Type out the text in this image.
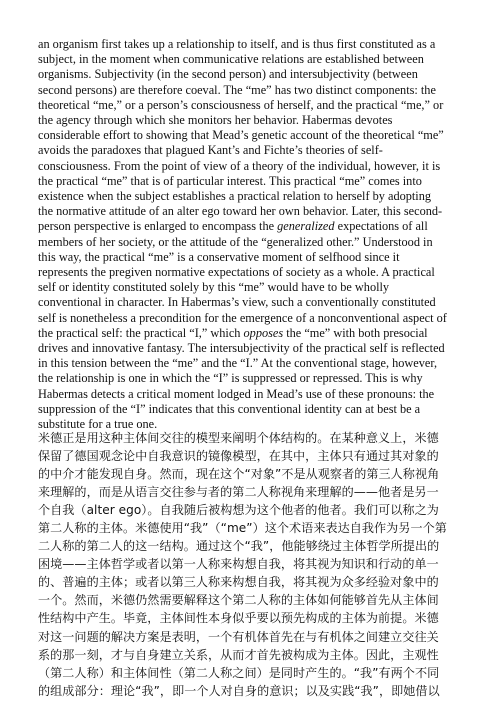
an organism first takes up a relationship to itself, and is thus first constituted as a
subject, in the moment when communicative relations are established between
organisms. Subjectivity (in the second person) and intersubjectivity (between
second persons) are therefore coeval. The “me” has two distinct components: the
theoretical “me,” or a person’s consciousness of herself, and the practical “me,” or
the agency through which she monitors her behavior. Habermas devotes
considerable effort to showing that Mead’s genetic account of the theoretical “me”
avoids the paradoxes that plagued Kant’s and Fichte’s theories of self-
consciousness. From the point of view of a theory of the individual, however, it is
the practical “me” that is of particular interest. This practical “me” comes into
existence when the subject establishes a practical relation to herself by adopting
the normative attitude of an alter ego toward her own behavior. Later, this second-
person perspective is enlarged to encompass the generalized expectations of all
members of her society, or the attitude of the “generalized other.” Understood in
this way, the practical “me” is a conservative moment of selfhood since it
represents the pregiven normative expectations of society as a whole. A practical
self or identity constituted solely by this “me” would have to be wholly
conventional in character. In Habermas’s view, such a conventionally constituted
self is nonetheless a precondition for the emergence of a nonconventional aspect of
the practical self: the practical “I,” which opposes the “me” with both presocial
drives and innovative fantasy. The intersubjectivity of the practical self is reflected
in this tension between the “me” and the “I.” At the conventional stage, however,
the relationship is one in which the “I” is suppressed or repressed. This is why
Habermas detects a critical moment lodged in Mead’s use of these pronouns: the
suppression of the “I” indicates that this conventional identity can at best be a
substitute for a true one.
米德正是用这种主体间交往的模型来阐明个体结构的。在某种意义上，米德
保留了德国观念论中自我意识的镜像模型，在其中，主体只有通过其对象的
的中介才能发现自身。然而，现在这个“对象”不是从观察者的第三人称视角
来理解的，而是从语言交往参与者的第二人称视角来理解的——他者是另一
个自我（alter ego）。自我随后被构想为这个他者的他者。我们可以称之为
第二人称的主体。米德使用“我”（“me”）这个术语来表达自我作为另一个第
二人称的第二人的这一结构。通过这个“我”，他能够绕过主体哲学所提出的
困境——主体哲学或者以第一人称来构想自我，将其视为知识和行动的单一
的、普遍的主体；或者以第三人称来构想自我，将其视为众多经验对象中的
一个。然而，米德仍然需要解释这个第二人称的主体如何能够首先从主体间
性结构中产生。毕竟，主体间性本身似乎要以预先构成的主体为前提。米德
对这一问题的解决方案是表明，一个有机体首先在与有机体之间建立交往关
系的那一刻，才与自身建立关系，从而才首先被构成为主体。因此，主观性
（第二人称）和主体间性（第二人称之间）是同时产生的。“我”有两个不同
的组成部分：理论“我”，即一个人对自身的意识；以及实践“我”，即她借以
